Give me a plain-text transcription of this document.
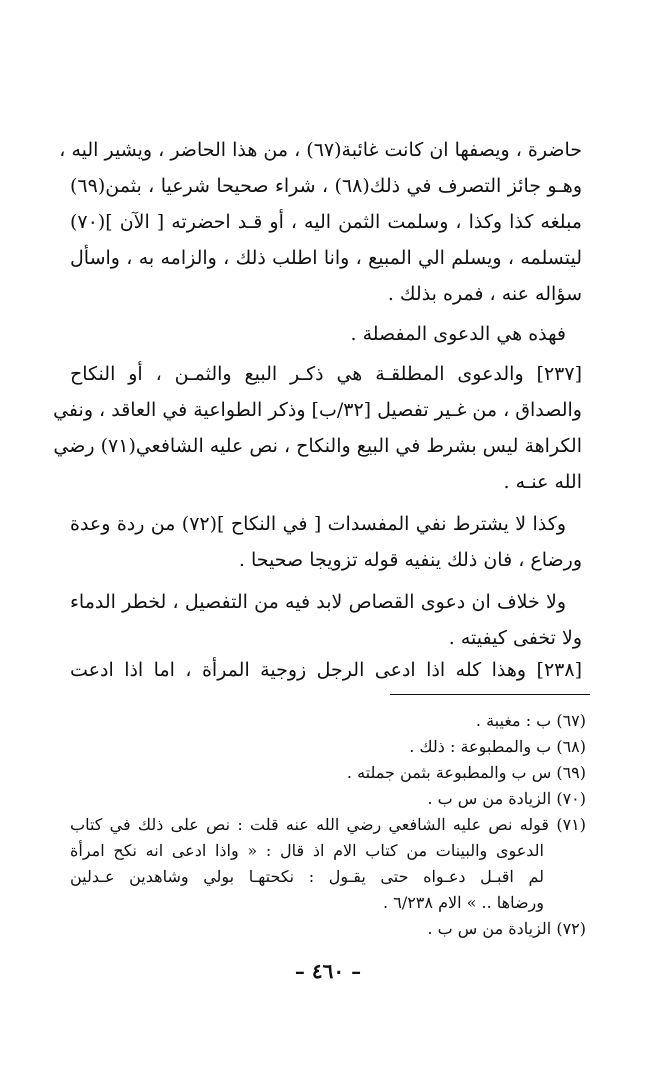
حاضرة ، ويصفها ان كانت غائبة(٦٧) ، من هذا الحاضر ، ويشير اليه ،
وهـو جائز التصرف في ذلك(٦٨) ، شراء صحيحا شرعيا ، بثمن(٦٩)
مبلغه كذا وكذا ، وسلمت الثمن اليه ، أو قـد احضرته [ الآن ](٧٠)
ليتسلمه ، ويسلم الي المبيع ، وانا اطلب ذلك ، والزامه به ، واسأل
سؤاله عنه ، فمره بذلك .
فهذه هي الدعوى المفصلة .
[٢٣٧] والدعوى المطلقـة هي ذكـر البيع والثمـن ، أو النكاح
والصداق ، من غـير تفصيل [٣٢/ب] وذكر الطواعية في العاقد ، ونفي
الكراهة ليس بشرط في البيع والنكاح ، نص عليه الشافعي(٧١) رضي
الله عنـه .
وكذا لا يشترط نفي المفسدات [ في النكاح ](٧٢) من ردة وعدة
ورضاع ، فان ذلك ينفيه قوله تزويجا صحيحا .
ولا خلاف ان دعوى القصاص لابد فيه من التفصيل ، لخطر الدماء
ولا تخفى كيفيته .
[٢٣٨] وهذا كله اذا ادعى الرجل زوجية المرأة ، اما اذا ادعت
(٦٧) ب : مغيبة .
(٦٨) ب والمطبوعة : ذلك .
(٦٩) س ب والمطبوعة بثمن جملته .
(٧٠) الزيادة من س ب .
(٧١) قوله نص عليه الشافعي رضي الله عنه قلت : نص على ذلك في كتاب
الدعوى والبينات من كتاب الام اذ قال : « واذا ادعى انه نكح امرأة
لم اقبـل دعـواه حتى يقـول : نكحتهـا بولي وشاهدين عـدلين
ورضاها .. » الام ٦/٢٣٨ .
(٧٢) الزيادة من س ب .
– ٤٦٠ –
